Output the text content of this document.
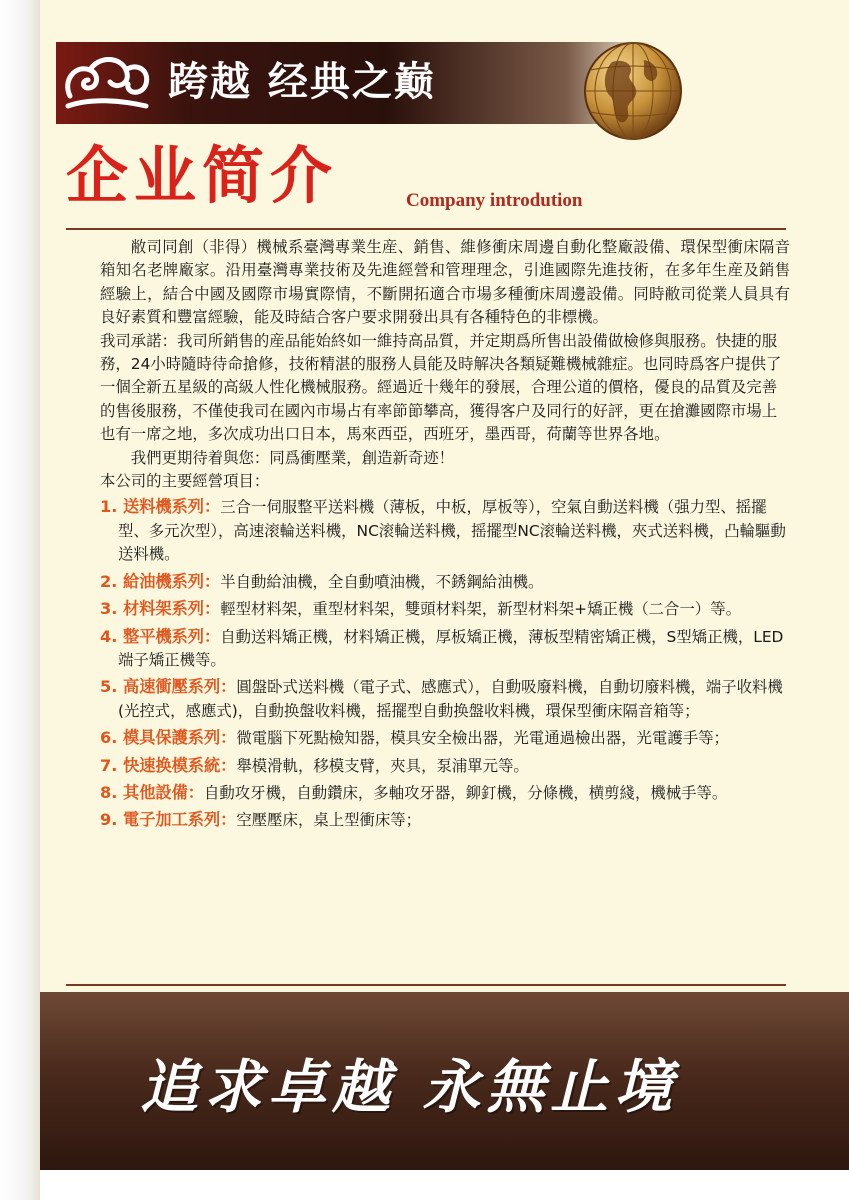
跨越 经典之巅
企业简介	Company introdution

敝司同創（非得）機械系臺灣專業生産、銷售、維修衝床周邊自動化整廠設備、環保型衝床隔音箱知名老牌廠家。沿用臺灣專業技術及先進經營和管理理念，引進國際先進技術，在多年生産及銷售經驗上，結合中國及國際市場實際情，不斷開拓適合市場多種衝床周邊設備。同時敝司從業人員具有良好素質和豐富經驗，能及時結合客户要求開發出具有各種特色的非標機。

我司承諾：我司所銷售的産品能始終如一維持高品質，并定期爲所售出設備做檢修與服務。快捷的服務，24小時隨時待命搶修，技術精湛的服務人員能及時解决各類疑難機械雜症。也同時爲客户提供了一個全新五星級的高級人性化機械服務。經過近十幾年的發展，合理公道的價格，優良的品質及完善的售後服務，不僅使我司在國內市場占有率節節攀高，獲得客户及同行的好評，更在搶灘國際市場上也有一席之地，多次成功出口日本，馬來西亞，西班牙，墨西哥，荷蘭等世界各地。

我們更期待着與您：同爲衝壓業，創造新奇迹！

本公司的主要經營項目：

1. 送料機系列：三合一伺服整平送料機（薄板，中板，厚板等），空氣自動送料機（强力型、摇擺型、多元次型），高速滚輪送料機，NC滚輪送料機，摇擺型NC滚輪送料機，夾式送料機，凸輪驅動送料機。
2. 給油機系列：半自動給油機，全自動噴油機，不銹鋼給油機。
3. 材料架系列：輕型材料架，重型材料架，雙頭材料架，新型材料架+矯正機（二合一）等。
4. 整平機系列：自動送料矯正機，材料矯正機，厚板矯正機，薄板型精密矯正機，S型矯正機，LED端子矯正機等。
5. 高速衝壓系列：圓盤卧式送料機（電子式、感應式），自動吸廢料機，自動切廢料機，端子收料機(光控式，感應式)，自動换盤收料機，摇擺型自動换盤收料機，環保型衝床隔音箱等；
6. 模具保護系列：微電腦下死點檢知器，模具安全檢出器，光電通過檢出器，光電護手等；
7. 快速换模系統：舉模滑軌，移模支臂，夾具，泵浦單元等。
8. 其他設備：自動攻牙機，自動鑽床，多軸攻牙器，鉚釘機，分條機，横剪綫，機械手等。
9. 電子加工系列：空壓壓床，桌上型衝床等；
追求卓越 永無止境
